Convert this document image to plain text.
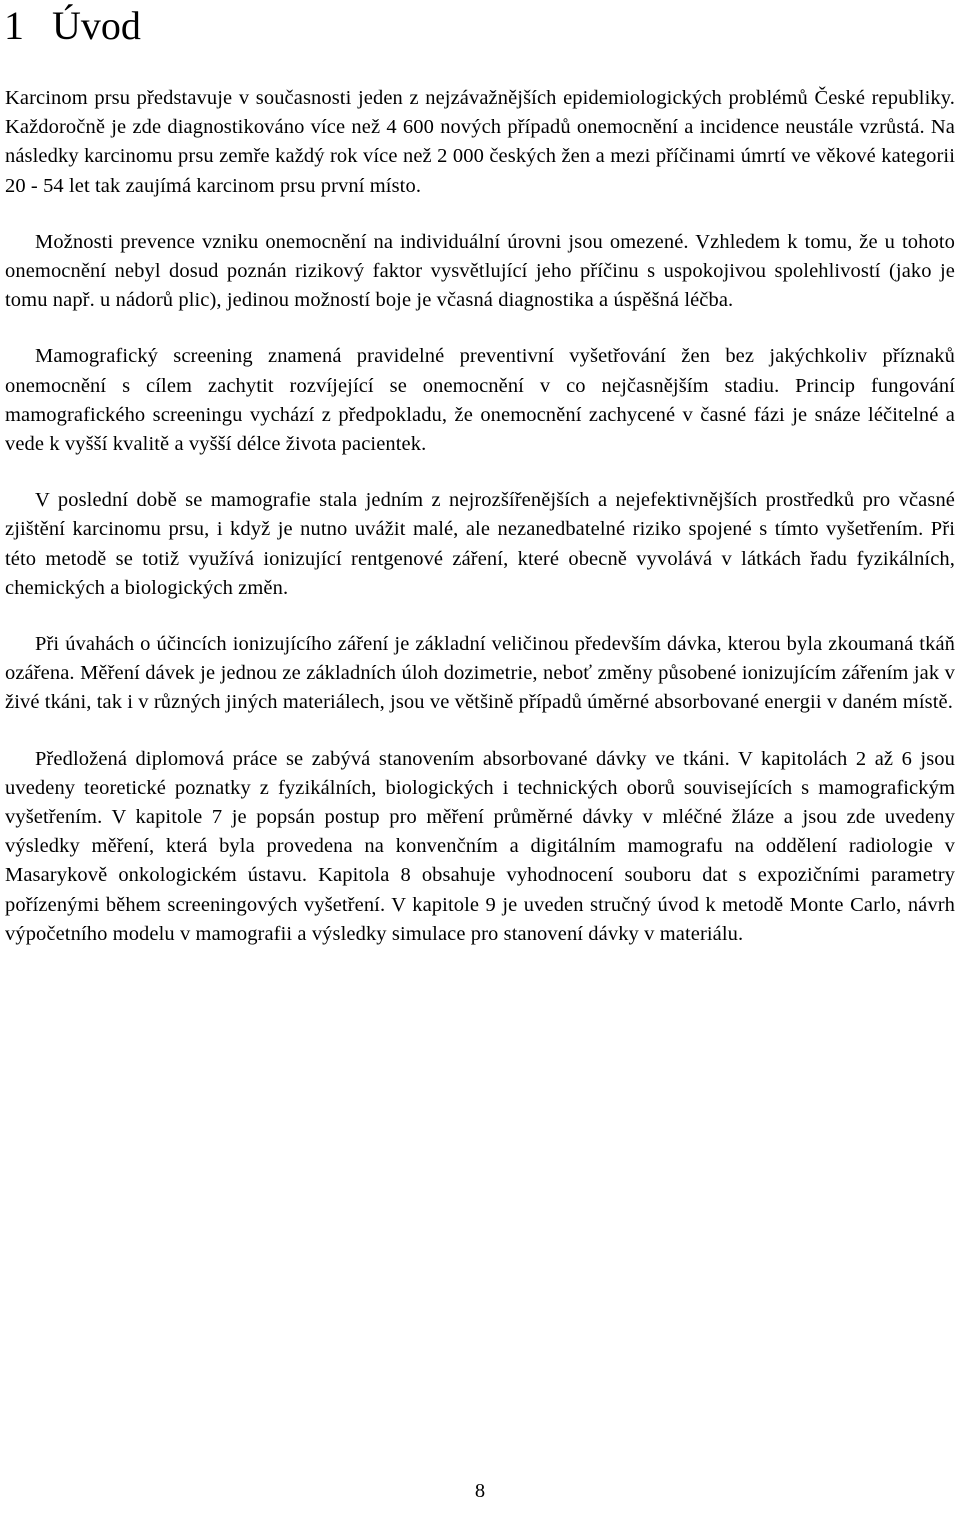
1 Úvod

Karcinom prsu představuje v současnosti jeden z nejzávažnějších epidemiologických problémů České republiky. Každoročně je zde diagnostikováno více než 4 600 nových případů onemocnění a incidence neustále vzrůstá. Na následky karcinomu prsu zemře každý rok více než 2 000 českých žen a mezi příčinami úmrtí ve věkové kategorii 20 - 54 let tak zaujímá karcinom prsu první místo.

Možnosti prevence vzniku onemocnění na individuální úrovni jsou omezené. Vzhledem k tomu, že u tohoto onemocnění nebyl dosud poznán rizikový faktor vysvětlující jeho příčinu s uspokojivou spolehlivostí (jako je tomu např. u nádorů plic), jedinou možností boje je včasná diagnostika a úspěšná léčba.

Mamografický screening znamená pravidelné preventivní vyšetřování žen bez jakýchkoliv příznaků onemocnění s cílem zachytit rozvíjející se onemocnění v co nejčasnějším stadiu. Princip fungování mamografického screeningu vychází z předpokladu, že onemocnění zachycené v časné fázi je snáze léčitelné a vede k vyšší kvalitě a vyšší délce života pacientek.

V poslední době se mamografie stala jedním z nejrozšířenějších a nejefektivnějších prostředků pro včasné zjištění karcinomu prsu, i když je nutno uvážit malé, ale nezanedbatelné riziko spojené s tímto vyšetřením. Při této metodě se totiž využívá ionizující rentgenové záření, které obecně vyvolává v látkách řadu fyzikálních, chemických a biologických změn.

Při úvahách o účincích ionizujícího záření je základní veličinou především dávka, kterou byla zkoumaná tkáň ozářena. Měření dávek je jednou ze základních úloh dozimetrie, neboť změny působené ionizujícím zářením jak v živé tkáni, tak i v různých jiných materiálech, jsou ve většině případů úměrné absorbované energii v daném místě.

Předložená diplomová práce se zabývá stanovením absorbované dávky ve tkáni. V kapitolách 2 až 6 jsou uvedeny teoretické poznatky z fyzikálních, biologických i technických oborů souvisejících s mamografickým vyšetřením. V kapitole 7 je popsán postup pro měření průměrné dávky v mléčné žláze a jsou zde uvedeny výsledky měření, která byla provedena na konvenčním a digitálním mamografu na oddělení radiologie v Masarykově onkologickém ústavu. Kapitola 8 obsahuje vyhodnocení souboru dat s expozičními parametry pořízenými během screeningových vyšetření. V kapitole 9 je uveden stručný úvod k metodě Monte Carlo, návrh výpočetního modelu v mamografii a výsledky simulace pro stanovení dávky v materiálu.

8
